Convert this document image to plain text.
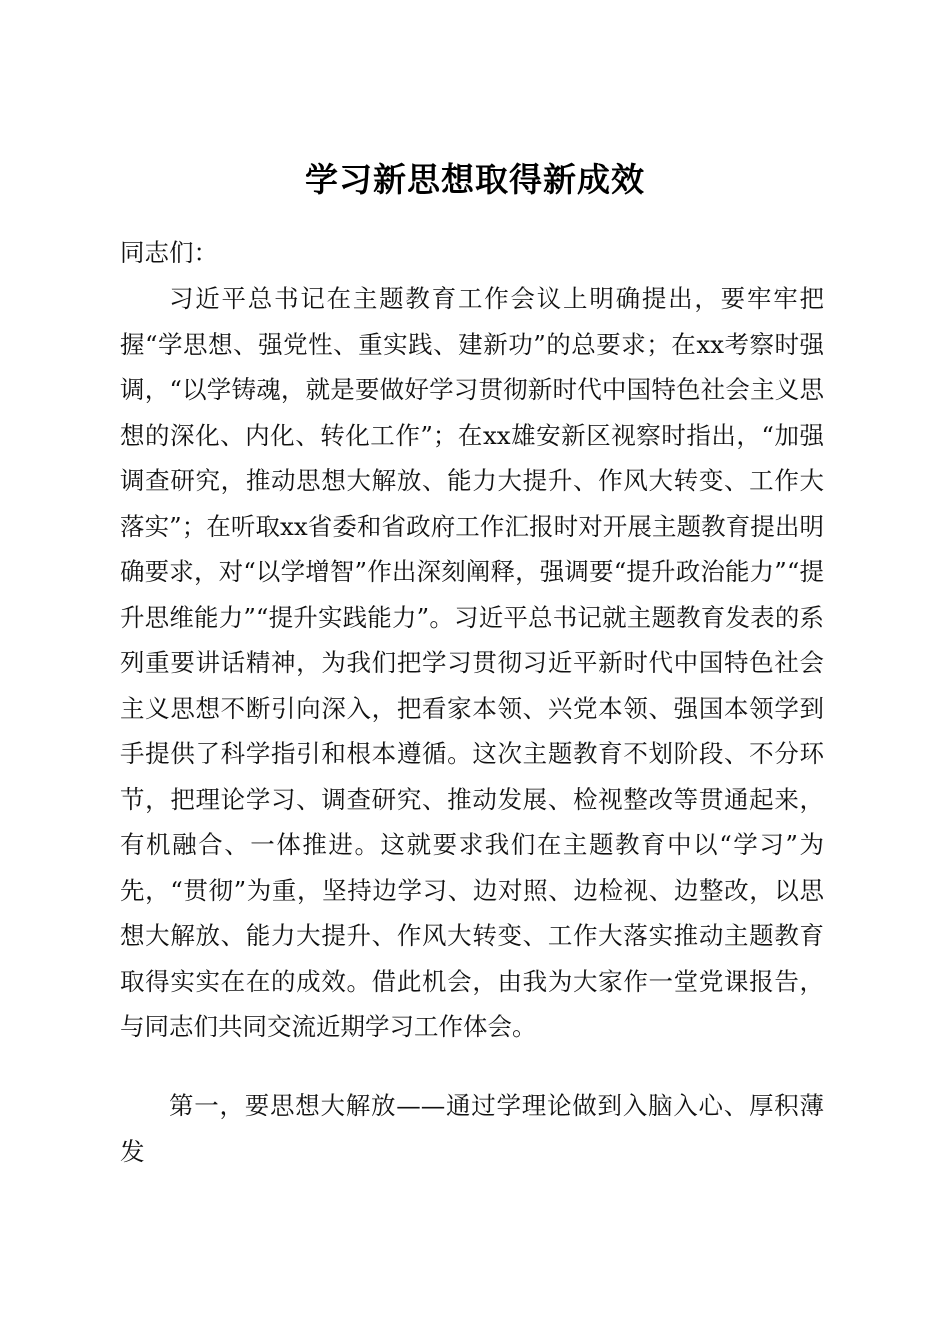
学习新思想取得新成效

同志们：

习近平总书记在主题教育工作会议上明确提出，要牢牢把握“学思想、强党性、重实践、建新功”的总要求；在xx考察时强调，“以学铸魂，就是要做好学习贯彻新时代中国特色社会主义思想的深化、内化、转化工作”；在xx雄安新区视察时指出，“加强调查研究，推动思想大解放、能力大提升、作风大转变、工作大落实”；在听取xx省委和省政府工作汇报时对开展主题教育提出明确要求，对“以学增智”作出深刻阐释，强调要“提升政治能力”“提升思维能力”“提升实践能力”。习近平总书记就主题教育发表的系列重要讲话精神，为我们把学习贯彻习近平新时代中国特色社会主义思想不断引向深入，把看家本领、兴党本领、强国本领学到手提供了科学指引和根本遵循。这次主题教育不划阶段、不分环节，把理论学习、调查研究、推动发展、检视整改等贯通起来，有机融合、一体推进。这就要求我们在主题教育中以“学习”为先，“贯彻”为重，坚持边学习、边对照、边检视、边整改，以思想大解放、能力大提升、作风大转变、工作大落实推动主题教育取得实实在在的成效。借此机会，由我为大家作一堂党课报告，与同志们共同交流近期学习工作体会。

第一，要思想大解放——通过学理论做到入脑入心、厚积薄发
